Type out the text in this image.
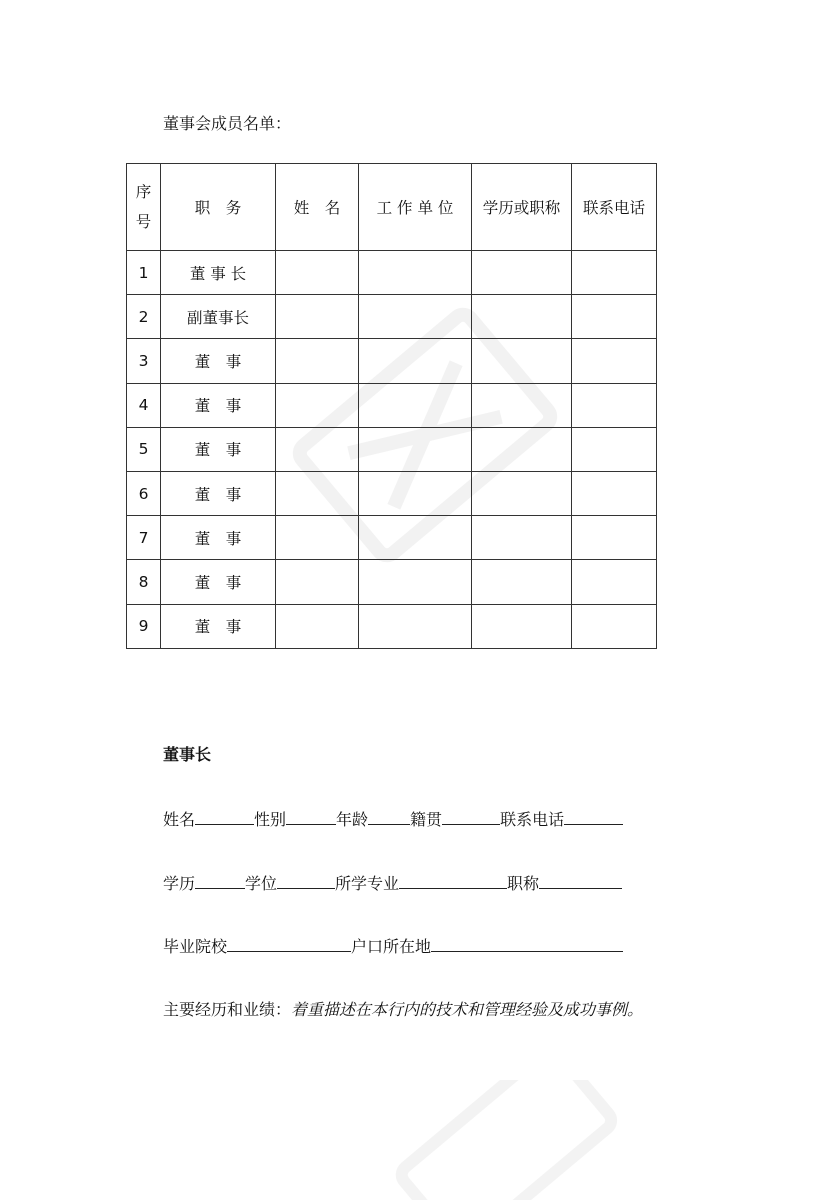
董事会成员名单：
序
号	职　务	姓　名	工 作 单 位	学历或职称	联系电话
1	董 事 长				
2	副董事长				
3	董　事				
4	董　事				
5	董　事				
6	董　事				
7	董　事				
8	董　事				
9	董　事				
董事长
姓名	性别	年龄	籍贯	联系电话
学历	学位	所学专业	职称
毕业院校	户口所在地
主要经历和业绩：着重描述在本行内的技术和管理经验及成功事例。
